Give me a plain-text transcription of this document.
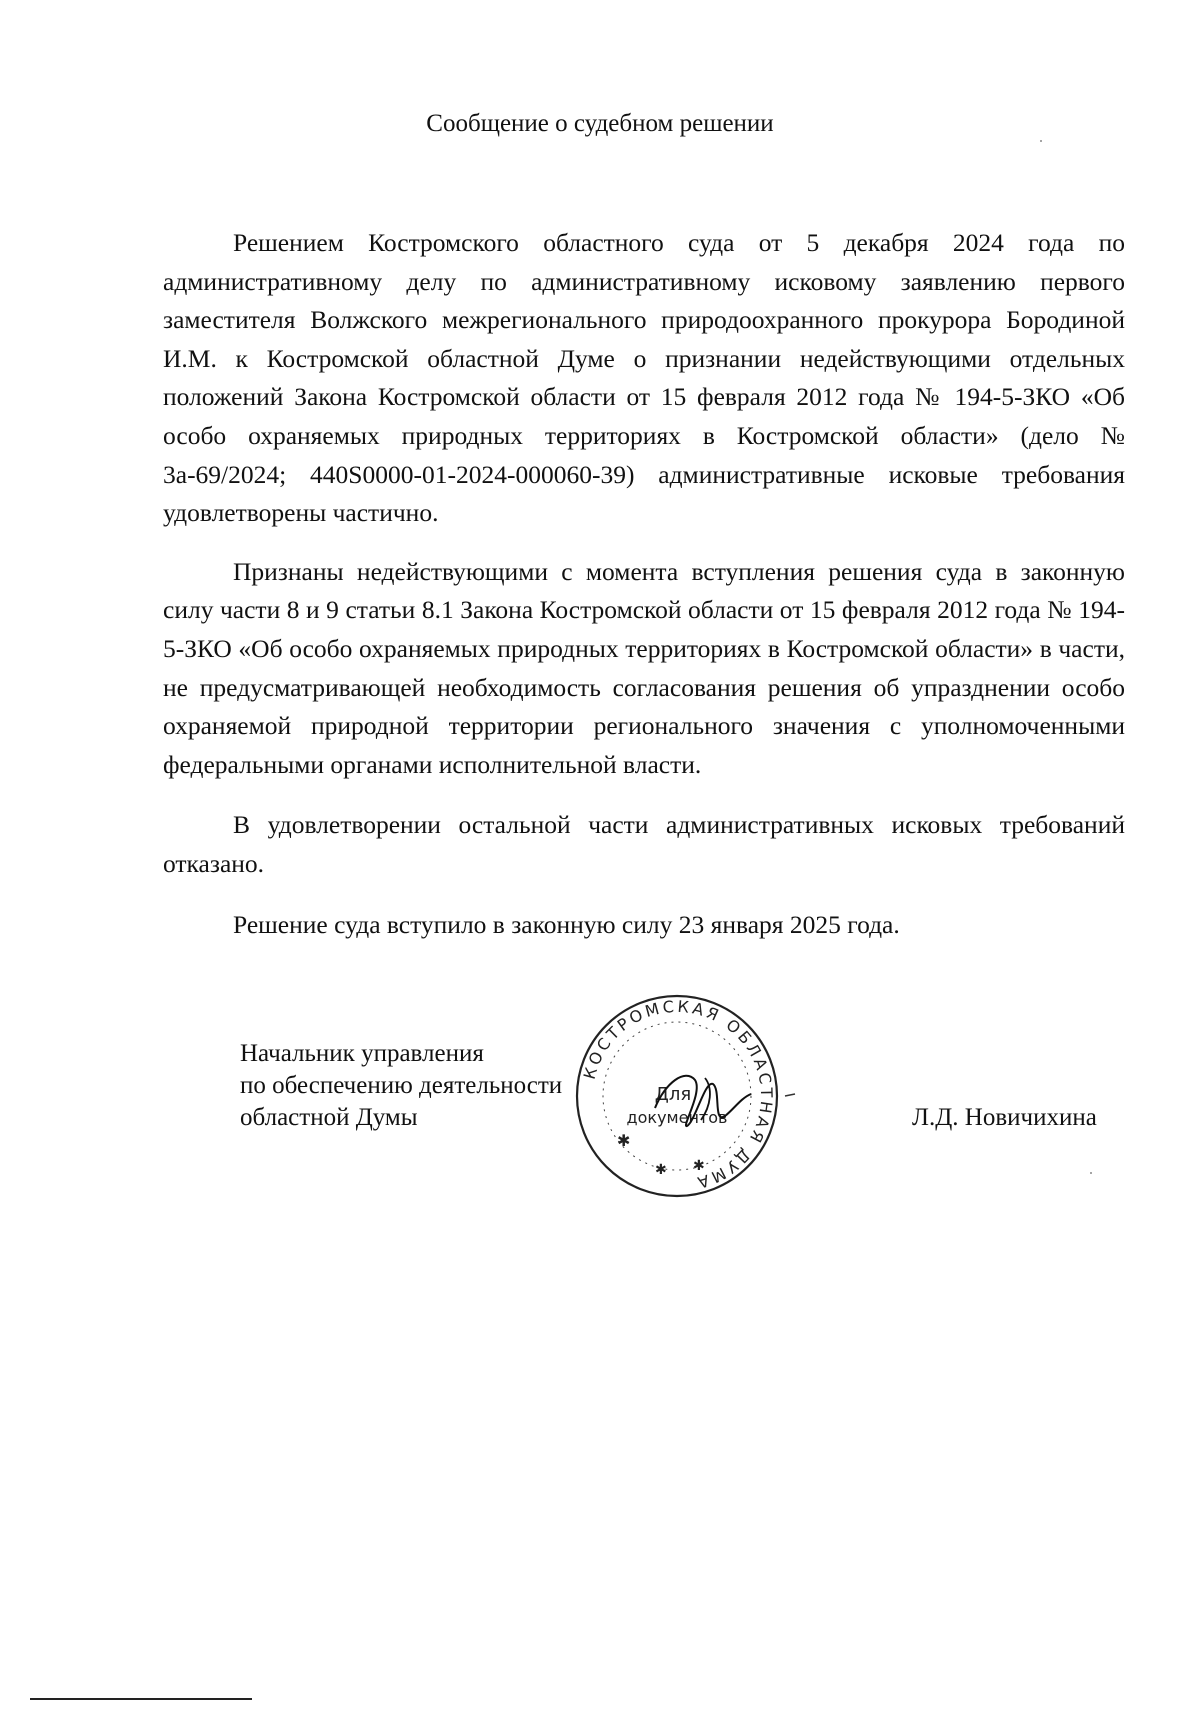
Сообщение о судебном решении

Решением Костромского областного суда от 5 декабря 2024 года по административному делу по административному исковому заявлению первого заместителя Волжского межрегионального природоохранного прокурора Бородиной И.М. к Костромской областной Думе о признании недействующими отдельных положений Закона Костромской области от 15 февраля 2012 года № 194-5-ЗКО «Об особо охраняемых природных территориях в Костромской области» (дело № 3а-69/2024; 440S0000-01-2024-000060-39) административные исковые требования удовлетворены частично.

Признаны недействующими с момента вступления решения суда в законную силу части 8 и 9 статьи 8.1 Закона Костромской области от 15 февраля 2012 года № 194-5-ЗКО «Об особо охраняемых природных территориях в Костромской области» в части, не предусматривающей необходимость согласования решения об упразднении особо охраняемой природной территории регионального значения с уполномоченными федеральными органами исполнительной власти.

В удовлетворении остальной части административных исковых требований отказано.

Решение суда вступило в законную силу 23 января 2025 года.

Начальник управления
по обеспечению деятельности
областной Думы
КОСТРОМСКАЯ ОБЛАСТНАЯ ДУМА
Для
документов
✱
✱ ✱
Л.Д. Новичихина
